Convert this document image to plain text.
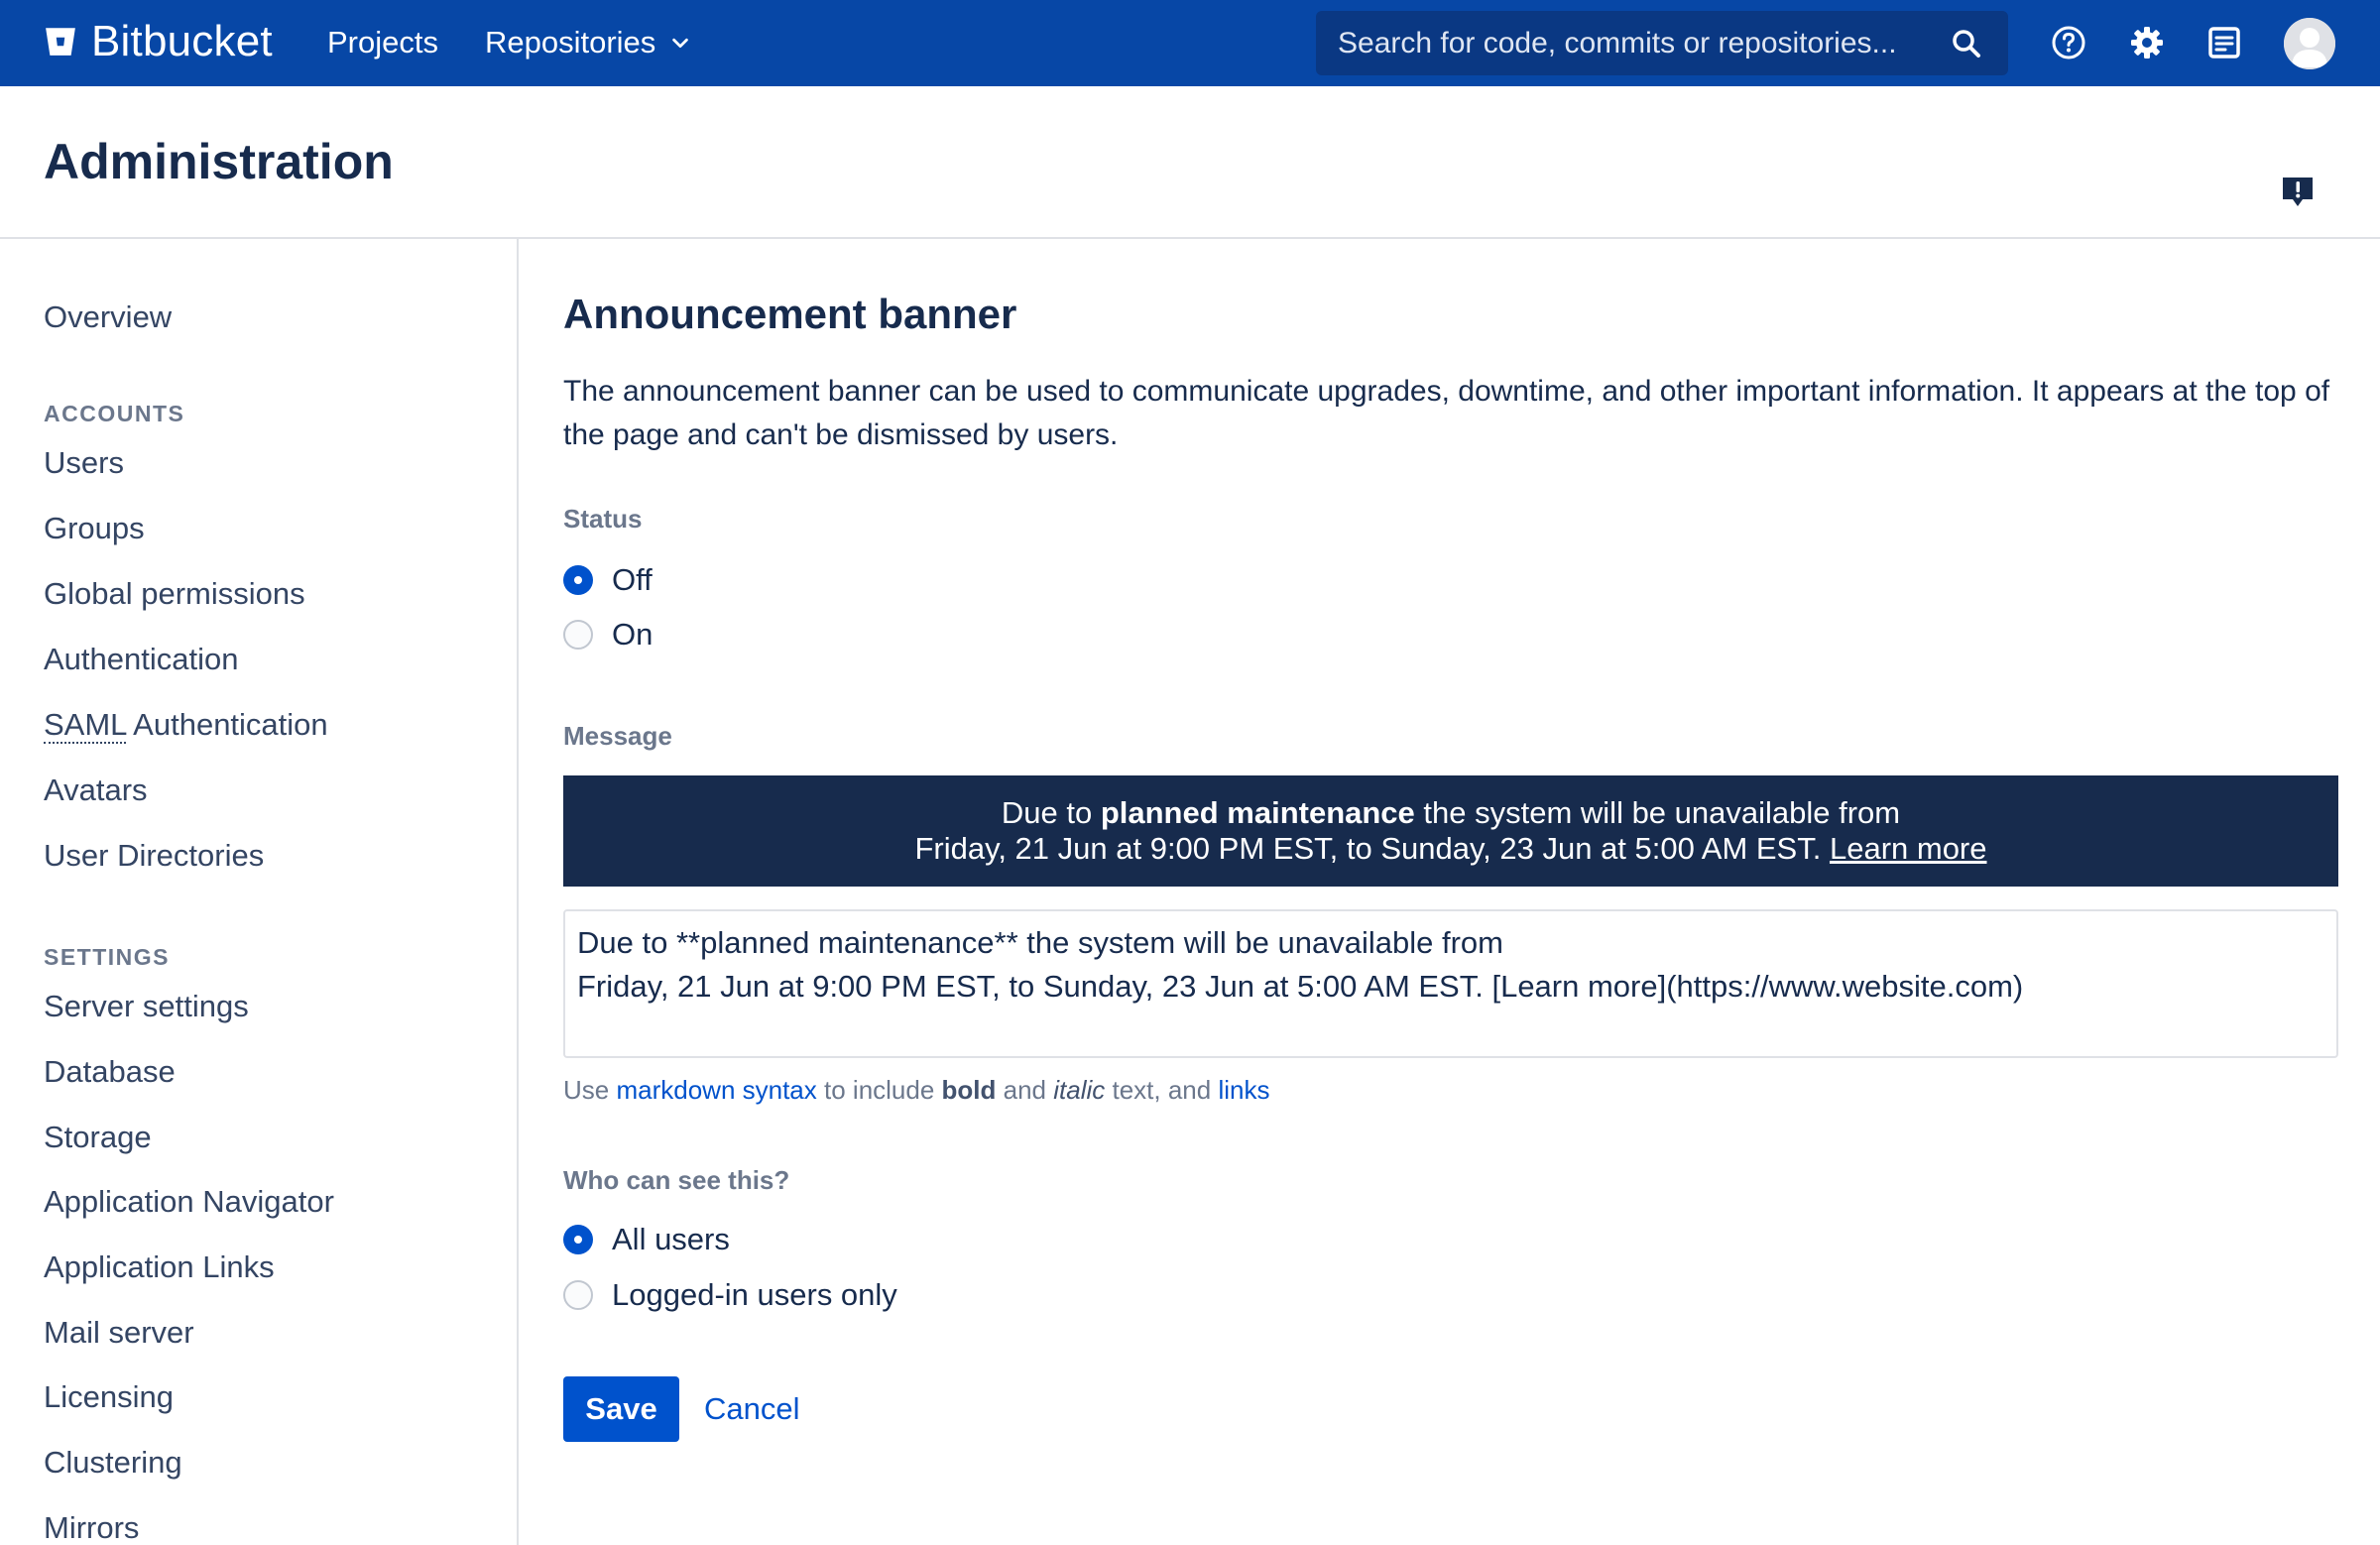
Bitbucket Projects Repositories
Search for code, commits or repositories...
Administration
Overview
ACCOUNTS
Users
Groups
Global permissions
Authentication
SAML Authentication
Avatars
User Directories
SETTINGS
Server settings
Database
Storage
Application Navigator
Application Links
Mail server
Licensing
Clustering
Mirrors
Announcement banner

The announcement banner can be used to communicate upgrades, downtime, and other important information. It appears at the top of the page and can't be dismissed by users.

Status
Off
On
Message
Due to planned maintenance the system will be unavailable from
Friday, 21 Jun at 9:00 PM EST, to Sunday, 23 Jun at 5:00 AM EST. Learn more
Due to **planned maintenance** the system will be unavailable from Friday, 21 Jun at 9:00 PM EST, to Sunday, 23 Jun at 5:00 AM EST. [Learn more](https://www.website.com)
Use markdown syntax to include bold and italic text, and links
Who can see this?
All users
Logged-in users only
Save	Cancel
